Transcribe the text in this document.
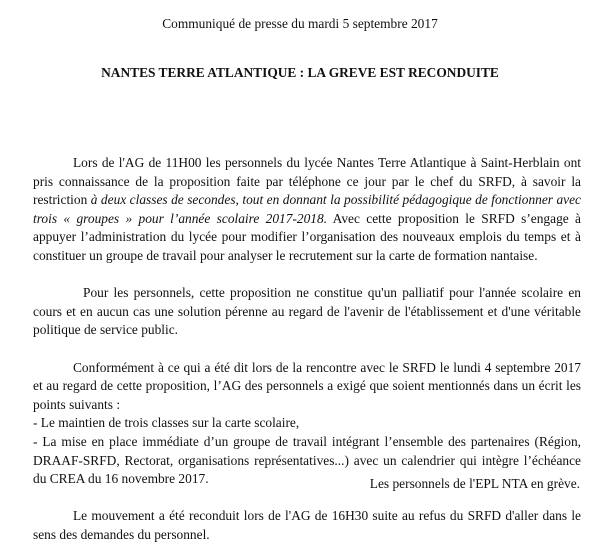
Communiqué de presse du mardi 5 septembre 2017
NANTES TERRE ATLANTIQUE : LA GREVE EST RECONDUITE

Lors de l'AG de 11H00 les personnels du lycée Nantes Terre Atlantique à Saint-Herblain ont pris connaissance de la proposition faite par téléphone ce jour par le chef du SRFD, à savoir la restriction à deux classes de secondes, tout en donnant la possibilité pédagogique de fonctionner avec trois « groupes » pour l’année scolaire 2017-2018. Avec cette proposition le SRFD s’engage à appuyer l’administration du lycée pour modifier l’organisation des nouveaux emplois du temps et à constituer un groupe de travail pour analyser le recrutement sur la carte de formation nantaise.

Pour les personnels, cette proposition ne constitue qu'un palliatif pour l'année scolaire en cours et en aucun cas une solution pérenne au regard de l'avenir de l'établissement et d'une véritable politique de service public.

Conformément à ce qui a été dit lors de la rencontre avec le SRFD le lundi 4 septembre 2017 et au regard de cette proposition, l’AG des personnels a exigé que soient mentionnés dans un écrit les points suivants :

- Le maintien de trois classes sur la carte scolaire,

- La mise en place immédiate d’un groupe de travail intégrant l’ensemble des partenaires (Région, DRAAF-SRFD, Rectorat, organisations représentatives...) avec un calendrier qui intègre l’échéance du CREA du 16 novembre 2017.

Le mouvement a été reconduit lors de l'AG de 16H30 suite au refus du SRFD d'aller dans le sens des demandes du personnel.

Les personnels de l'EPL NTA en grève.
